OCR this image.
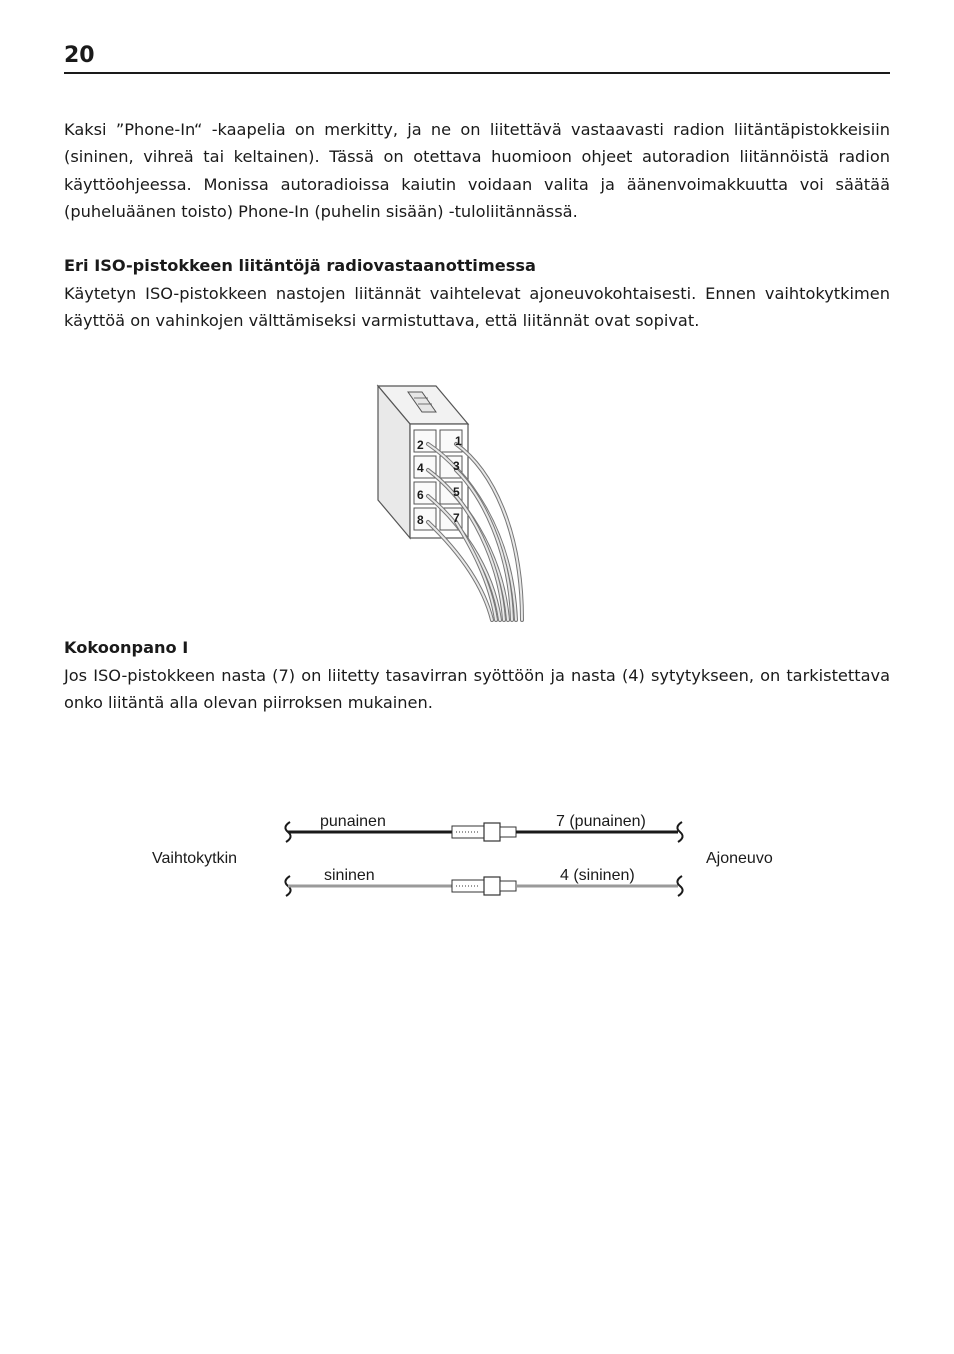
20

Kaksi ”Phone-In“ -kaapelia on merkitty, ja ne on liitettävä vastaavasti radion liitäntäpistokkeisiin (sininen, vihreä tai keltainen). Tässä on otettava huomioon ohjeet autoradion liitännöistä radion käyttöohjeessa. Monissa autoradioissa kaiutin voidaan valita ja äänenvoimakkuutta voi säätää (puheluäänen toisto) Phone-In (puhelin sisään) -tuloliitännässä.

Eri ISO-pistokkeen liitäntöjä radiovastaanottimessa

Käytetyn ISO-pistokkeen nastojen liitännät vaihtelevat ajoneuvokohtaisesti. Ennen vaihtokytkimen käyttöä on vahinkojen välttämiseksi varmistuttava, että liitännät ovat sopivat.

1
2
3
4
5
6
7
8
Kokoonpano I

Jos ISO-pistokkeen nasta (7) on liitetty tasavirran syöttöön ja nasta (4) sytytykseen, on tarkistettava onko liitäntä alla olevan piirroksen mukainen.

Vaihtokytkin	Ajoneuvo
punainen	7 (punainen)
sininen	4 (sininen)
